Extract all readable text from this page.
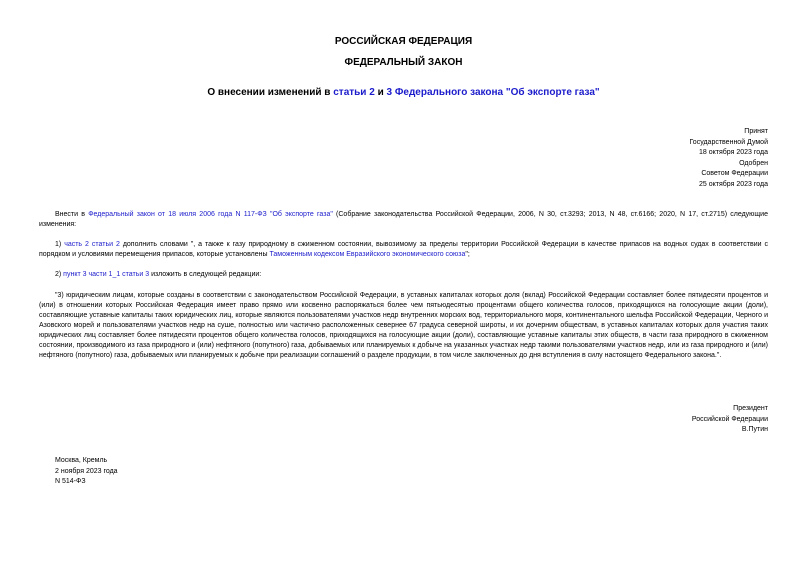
РОССИЙСКАЯ ФЕДЕРАЦИЯ
ФЕДЕРАЛЬНЫЙ ЗАКОН
О внесении изменений в статьи 2 и 3 Федерального закона "Об экспорте газа"
Принят
Государственной Думой
18 октября 2023 года
Одобрен
Советом Федерации
25 октября 2023 года
Внести в Федеральный закон от 18 июля 2006 года N 117-ФЗ "Об экспорте газа" (Собрание законодательства Российской Федерации, 2006, N 30, ст.3293; 2013, N 48, ст.6166; 2020, N 17, ст.2715) следующие изменения:
1) часть 2 статьи 2 дополнить словами ", а также к газу природному в сжиженном состоянии, вывозимому за пределы территории Российской Федерации в качестве припасов на водных судах в соответствии с порядком и условиями перемещения припасов, которые установлены Таможенным кодексом Евразийского экономического союза";
2) пункт 3 части 1_1 статьи 3 изложить в следующей редакции:
"3) юридическим лицам, которые созданы в соответствии с законодательством Российской Федерации, в уставных капиталах которых доля (вклад) Российской Федерации составляет более пятидесяти процентов и (или) в отношении которых Российская Федерация имеет право прямо или косвенно распоряжаться более чем пятьюдесятью процентами общего количества голосов, приходящихся на голосующие акции (доли), составляющие уставные капиталы таких юридических лиц, которые являются пользователями участков недр внутренних морских вод, территориального моря, континентального шельфа Российской Федерации, Черного и Азовского морей и пользователями участков недр на суше, полностью или частично расположенных севернее 67 градуса северной широты, и их дочерним обществам, в уставных капиталах которых доля участия таких юридических лиц составляет более пятидесяти процентов общего количества голосов, приходящихся на голосующие акции (доли), составляющие уставные капиталы этих обществ, в части газа природного в сжиженном состоянии, производимого из газа природного и (или) нефтяного (попутного) газа, добываемых или планируемых к добыче на указанных участках недр такими пользователями участков недр, или из газа природного и (или) нефтяного (попутного) газа, добываемых или планируемых к добыче при реализации соглашений о разделе продукции, в том числе заключенных до дня вступления в силу настоящего Федерального закона.".
Президент
Российской Федерации
В.Путин
Москва, Кремль
2 ноября 2023 года
N 514-ФЗ
